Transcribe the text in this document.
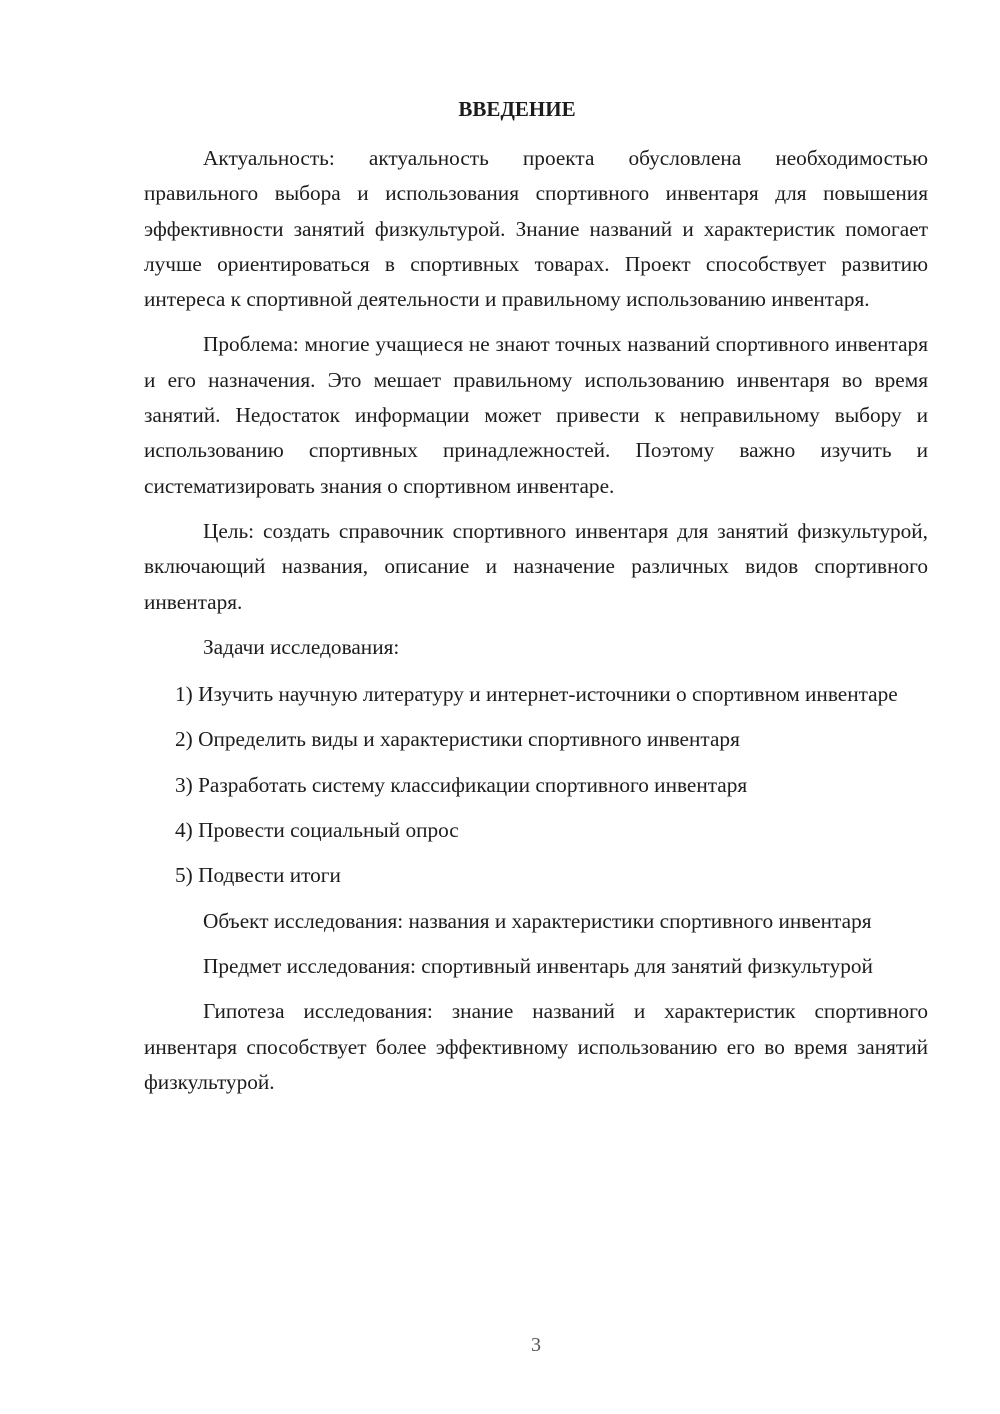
ВВЕДЕНИЕ

Актуальность: актуальность проекта обусловлена необходимостью правильного выбора и использования спортивного инвентаря для повышения эффективности занятий физкультурой. Знание названий и характеристик помогает лучше ориентироваться в спортивных товарах. Проект способствует развитию интереса к спортивной деятельности и правильному использованию инвентаря.

Проблема: многие учащиеся не знают точных названий спортивного инвентаря и его назначения. Это мешает правильному использованию инвентаря во время занятий. Недостаток информации может привести к неправильному выбору и использованию спортивных принадлежностей. Поэтому важно изучить и систематизировать знания о спортивном инвентаре.

Цель: создать справочник спортивного инвентаря для занятий физкультурой, включающий названия, описание и назначение различных видов спортивного инвентаря.

Задачи исследования:

1) Изучить научную литературу и интернет-источники о спортивном инвентаре

2) Определить виды и характеристики спортивного инвентаря

3) Разработать систему классификации спортивного инвентаря

4) Провести социальный опрос

5) Подвести итоги

Объект исследования: названия и характеристики спортивного инвентаря

Предмет исследования: спортивный инвентарь для занятий физкультурой

Гипотеза исследования: знание названий и характеристик спортивного инвентаря способствует более эффективному использованию его во время занятий физкультурой.

3
